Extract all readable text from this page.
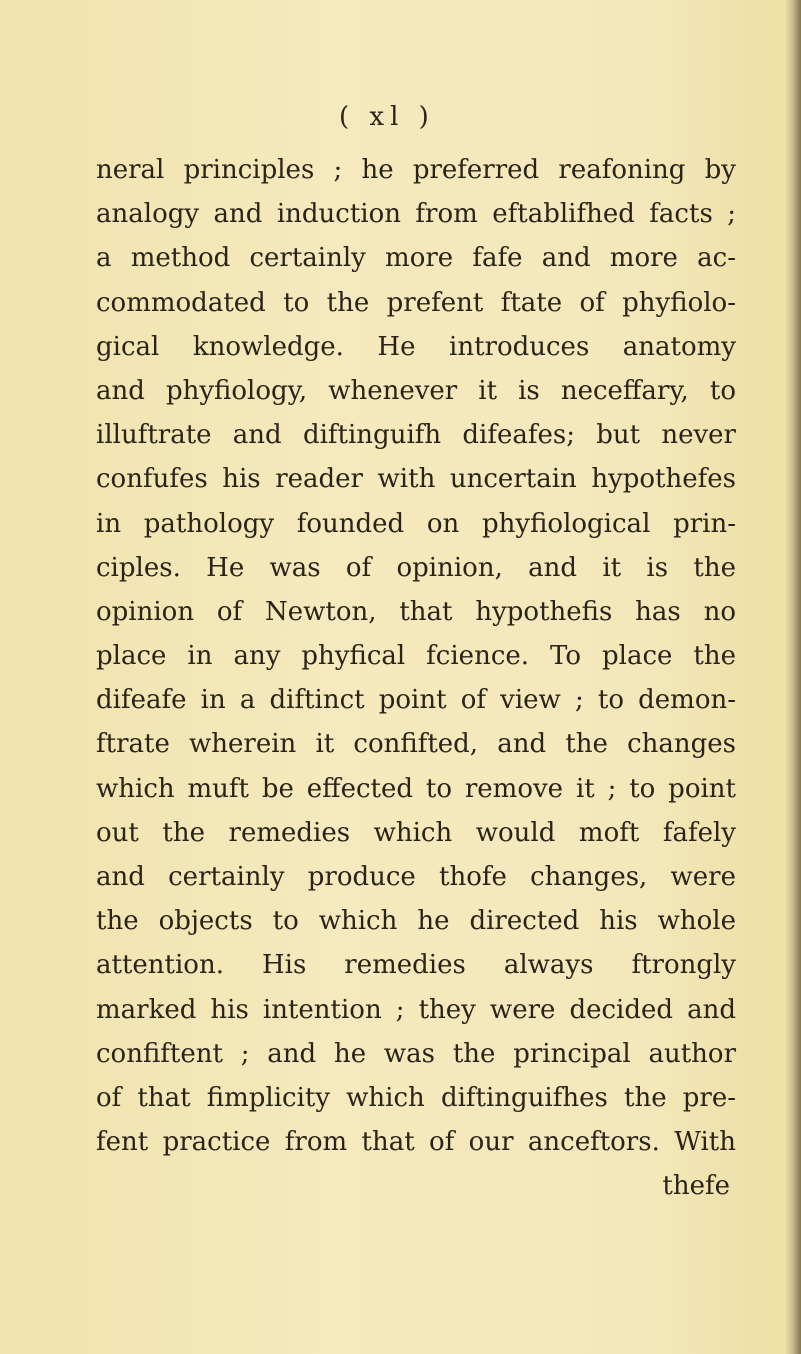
( xl )
neral principles ; he preferred reafoning by
analogy and induction from eftablifhed facts ;
a method certainly more fafe and more ac-
commodated to the prefent ftate of phyfiolo-
gical knowledge. He introduces anatomy
and phyfiology, whenever it is neceffary, to
illuftrate and diftinguifh difeafes; but never
confufes his reader with uncertain hypothefes
in pathology founded on phyfiological prin-
ciples. He was of opinion, and it is the
opinion of Newton, that hypothefis has no
place in any phyfical fcience. To place the
difeafe in a diftinct point of view ; to demon-
ftrate wherein it confifted, and the changes
which muft be effected to remove it ; to point
out the remedies which would moft fafely
and certainly produce thofe changes, were
the objects to which he directed his whole
attention. His remedies always ftrongly
marked his intention ; they were decided and
confiftent ; and he was the principal author
of that fimplicity which diftinguifhes the pre-
fent practice from that of our anceftors. With
thefe
